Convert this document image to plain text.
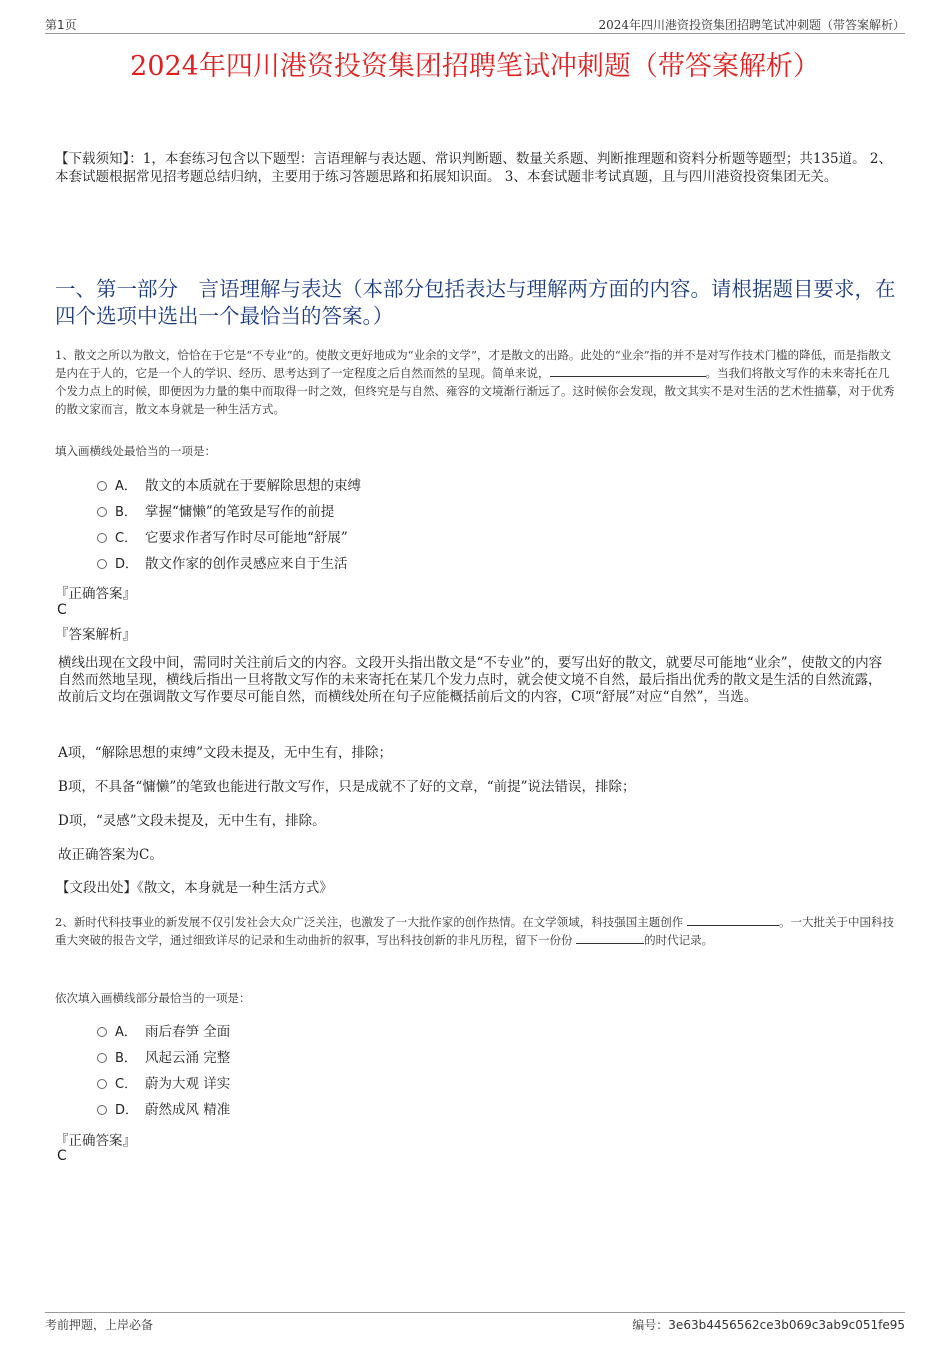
第1页	2024年四川港资投资集团招聘笔试冲刺题（带答案解析）
2024年四川港资投资集团招聘笔试冲刺题（带答案解析）
【下载须知】：1，本套练习包含以下题型：言语理解与表达题、常识判断题、数量关系题、判断推理题和资料分析题等题型；共135道。 2、本套试题根据常见招考题总结归纳，主要用于练习答题思路和拓展知识面。 3、本套试题非考试真题，且与四川港资投资集团无关。
一、第一部分　言语理解与表达（本部分包括表达与理解两方面的内容。请根据题目要求，在四个选项中选出一个最恰当的答案。）
1、散文之所以为散文，恰恰在于它是“不专业”的。使散文更好地成为“业余的文学”，才是散文的出路。此处的“业余”指的并不是对写作技术门槛的降低，而是指散文是内在于人的，它是一个人的学识、经历、思考达到了一定程度之后自然而然的呈现。简单来说，	。当我们将散文写作的未来寄托在几个发力点上的时候，即便因为力量的集中而取得一时之效，但终究是与自然、雍容的文境渐行渐远了。这时候你会发现，散文其实不是对生活的艺术性描摹，对于优秀的散文家而言，散文本身就是一种生活方式。
填入画横线处最恰当的一项是：
A． 散文的本质就在于要解除思想的束缚
B． 掌握“慵懒”的笔致是写作的前提
C． 它要求作者写作时尽可能地“舒展”
D． 散文作家的创作灵感应来自于生活
『正确答案』
C
『答案解析』
横线出现在文段中间，需同时关注前后文的内容。文段开头指出散文是“不专业”的，要写出好的散文，就要尽可能地“业余”，使散文的内容自然而然地呈现，横线后指出一旦将散文写作的未来寄托在某几个发力点时，就会使文境不自然，最后指出优秀的散文是生活的自然流露，故前后文均在强调散文写作要尽可能自然，而横线处所在句子应能概括前后文的内容，C项“舒展”对应“自然”，当选。
A项，“解除思想的束缚”文段未提及，无中生有，排除；
B项，不具备“慵懒”的笔致也能进行散文写作，只是成就不了好的文章，“前提”说法错误，排除；
D项，“灵感”文段未提及，无中生有，排除。
故正确答案为C。
【文段出处】《散文，本身就是一种生活方式》
2、新时代科技事业的新发展不仅引发社会大众广泛关注，也激发了一大批作家的创作热情。在文学领域，科技强国主题创作	。一大批关于中国科技重大突破的报告文学，通过细致详尽的记录和生动曲折的叙事，写出科技创新的非凡历程，留下一份份	的时代记录。
依次填入画横线部分最恰当的一项是：
A． 雨后春笋 全面
B． 风起云涌 完整
C． 蔚为大观 详实
D． 蔚然成风 精准
『正确答案』
C
考前押题，上岸必备	编号：3e63b4456562ce3b069c3ab9c051fe95
